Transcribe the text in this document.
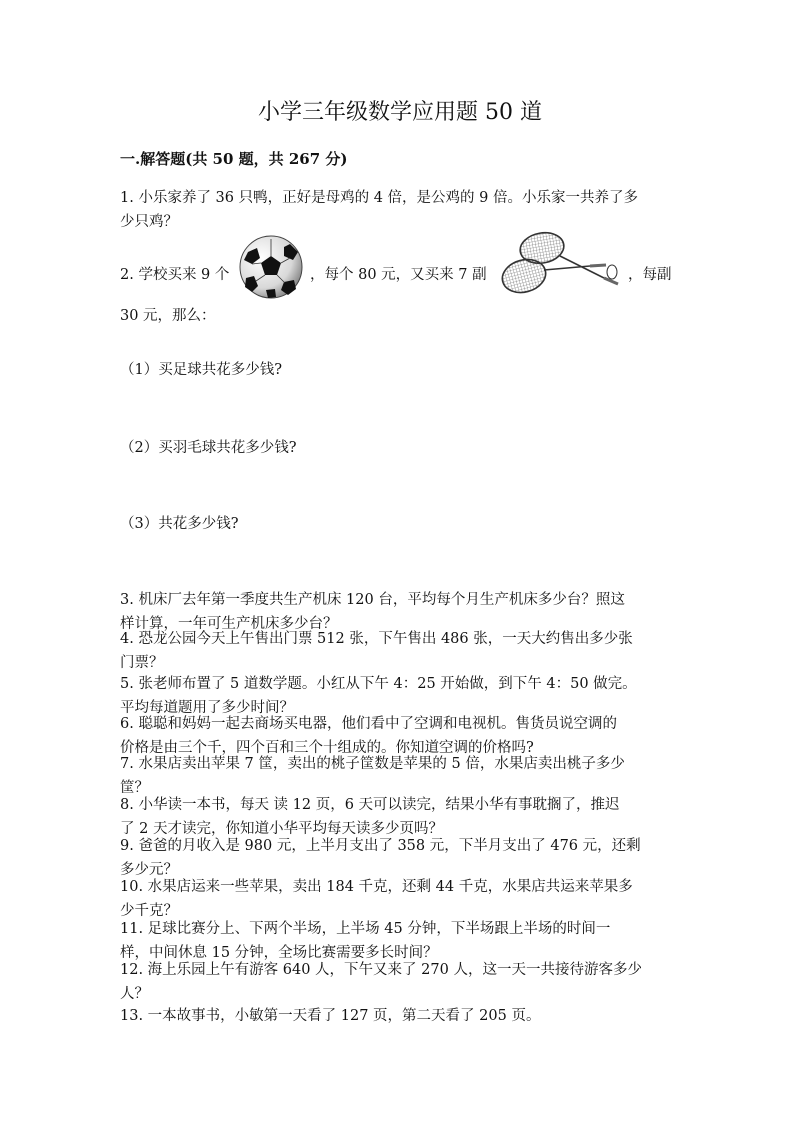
小学三年级数学应用题 50 道
一.解答题(共 50 题，共 267 分)
1. 小乐家养了 36 只鸭，正好是母鸡的 4 倍，是公鸡的 9 倍。小乐家一共养了多
少只鸡？
2. 学校买来 9 个	，每个 80 元，又买来 7 副	，每副
30 元，那么：
（1）买足球共花多少钱?
（2）买羽毛球共花多少钱?
（3）共花多少钱?
3. 机床厂去年第一季度共生产机床 120 台，平均每个月生产机床多少台？照这
样计算，一年可生产机床多少台？
4. 恐龙公园今天上午售出门票 512 张，下午售出 486 张，一天大约售出多少张
门票？
5. 张老师布置了 5 道数学题。小红从下午 4：25 开始做，到下午 4：50 做完。
平均每道题用了多少时间？
6. 聪聪和妈妈一起去商场买电器，他们看中了空调和电视机。售货员说空调的
价格是由三个千，四个百和三个十组成的。你知道空调的价格吗?
7. 水果店卖出苹果 7 筐，卖出的桃子筐数是苹果的 5 倍，水果店卖出桃子多少
筐？
8. 小华读一本书，每天 读 12 页，6 天可以读完，结果小华有事耽搁了，推迟
了 2 天才读完，你知道小华平均每天读多少页吗？
9. 爸爸的月收入是 980 元，上半月支出了 358 元，下半月支出了 476 元，还剩
多少元？
10. 水果店运来一些苹果，卖出 184 千克，还剩 44 千克，水果店共运来苹果多
少千克？
11. 足球比赛分上、下两个半场，上半场 45 分钟，下半场跟上半场的时间一
样，中间休息 15 分钟，全场比赛需要多长时间？
12. 海上乐园上午有游客 640 人，下午又来了 270 人，这一天一共接待游客多少
人？
13. 一本故事书，小敏第一天看了 127 页，第二天看了 205 页。
